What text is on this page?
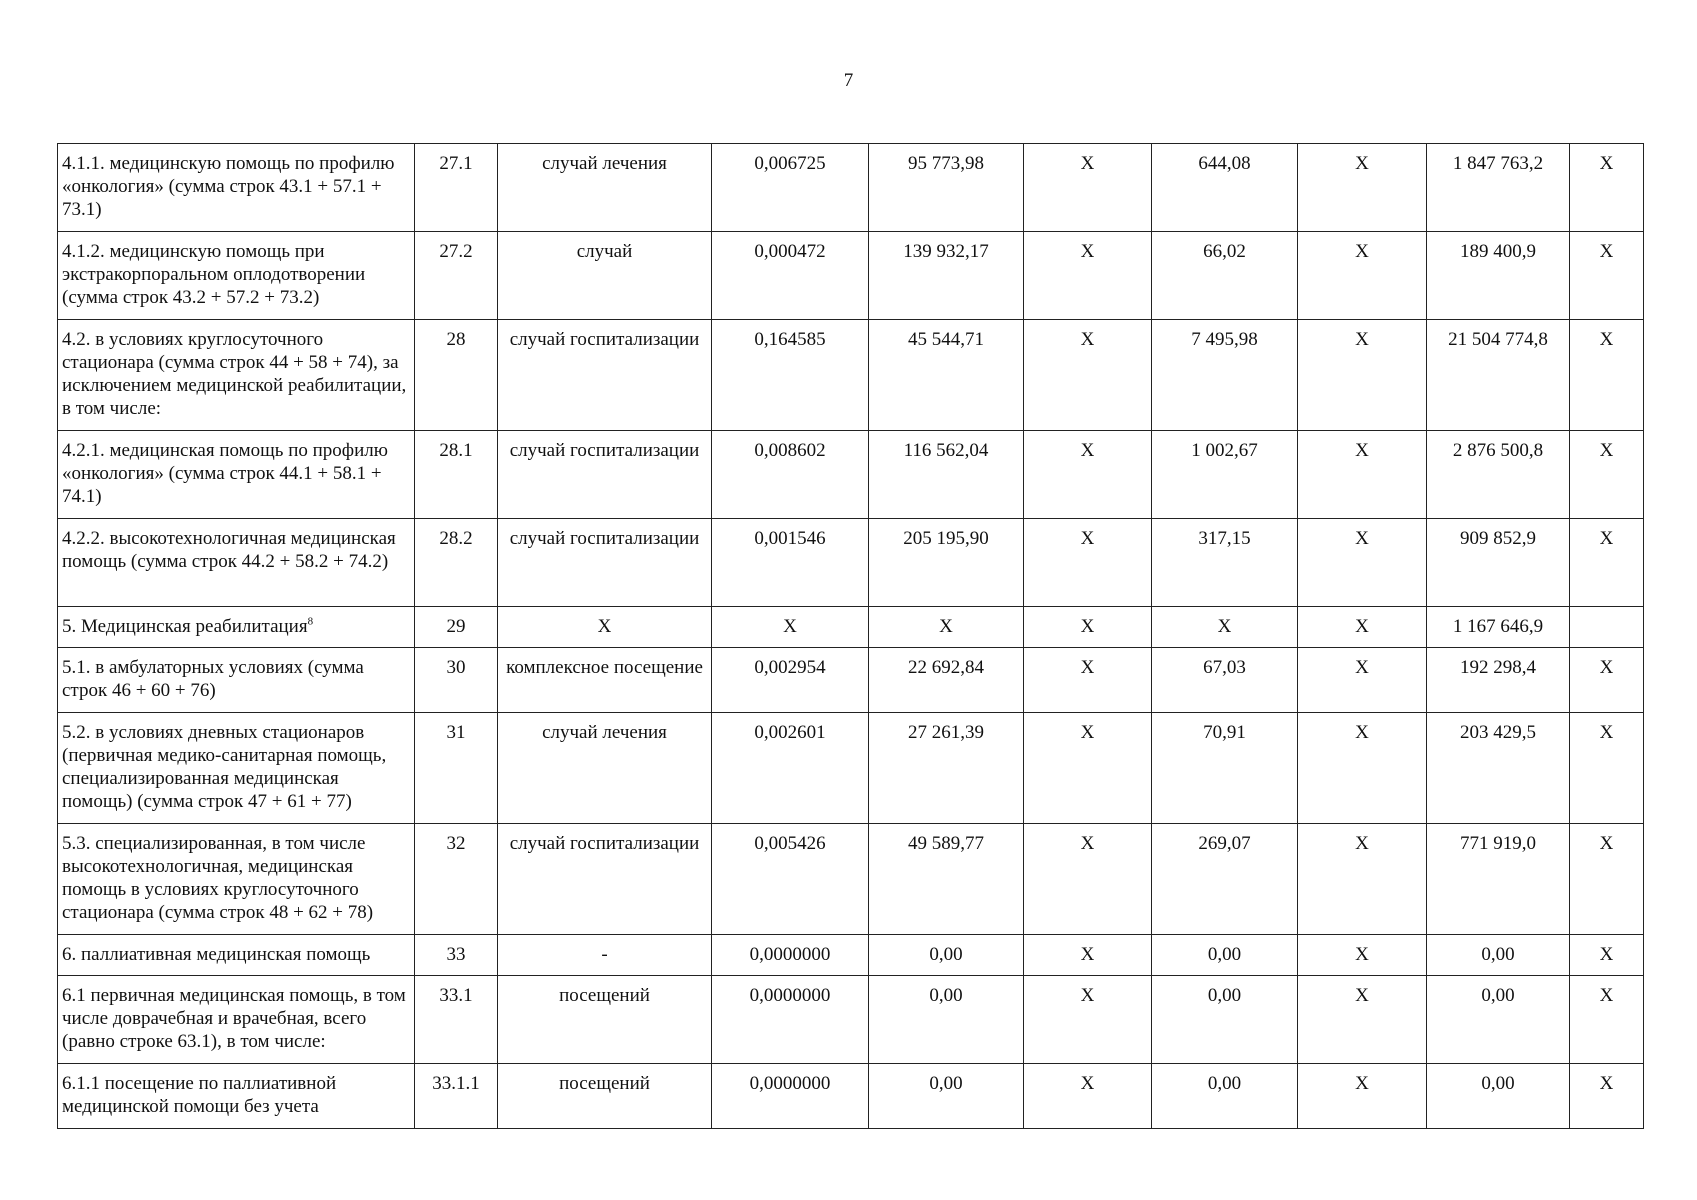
7
4.1.1. медицинскую помощь по профилю «онкология» (сумма строк 43.1 + 57.1 + 73.1)	27.1	случай лечения	0,006725	95 773,98	X	644,08	X	1 847 763,2	X
4.1.2. медицинскую помощь при экстракорпоральном оплодотворении (сумма строк 43.2 + 57.2 + 73.2)	27.2	случай	0,000472	139 932,17	X	66,02	X	189 400,9	X
4.2. в условиях круглосуточного стационара (сумма строк 44 + 58 + 74), за исключением медицинской реабилитации, в том числе:	28	случай госпитализации	0,164585	45 544,71	X	7 495,98	X	21 504 774,8	X
4.2.1. медицинская помощь по профилю «онкология» (сумма строк 44.1 + 58.1 + 74.1)	28.1	случай госпитализации	0,008602	116 562,04	X	1 002,67	X	2 876 500,8	X
4.2.2. высокотехнологичная медицинская помощь (сумма строк 44.2 + 58.2 + 74.2)	28.2	случай госпитализации	0,001546	205 195,90	X	317,15	X	909 852,9	X
5. Медицинская реабилитация$^8$	29	X	X	X	X	X	X	1 167 646,9	
5.1. в амбулаторных условиях (сумма строк 46 + 60 + 76)	30	комплексное посещение	0,002954	22 692,84	X	67,03	X	192 298,4	X
5.2. в условиях дневных стационаров (первичная медико-санитарная помощь, специализированная медицинская помощь) (сумма строк 47 + 61 + 77)	31	случай лечения	0,002601	27 261,39	X	70,91	X	203 429,5	X
5.3. специализированная, в том числе высокотехнологичная, медицинская помощь в условиях круглосуточного стационара (сумма строк 48 + 62 + 78)	32	случай госпитализации	0,005426	49 589,77	X	269,07	X	771 919,0	X
6. паллиативная медицинская помощь	33	-	0,0000000	0,00	X	0,00	X	0,00	X
6.1 первичная медицинская помощь, в том числе доврачебная и врачебная, всего (равно строке 63.1), в том числе:	33.1	посещений	0,0000000	0,00	X	0,00	X	0,00	X
6.1.1 посещение по паллиативной медицинской помощи без учета	33.1.1	посещений	0,0000000	0,00	X	0,00	X	0,00	X
